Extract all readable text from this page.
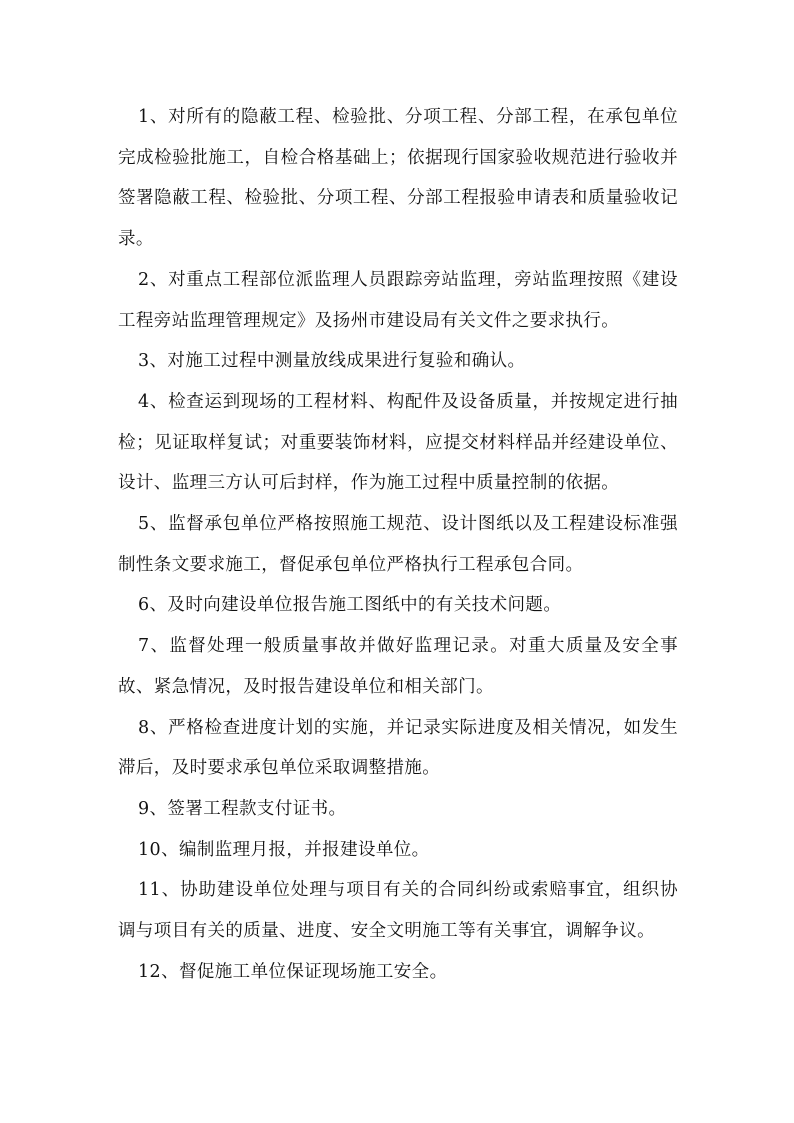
1、对所有的隐蔽工程、检验批、分项工程、分部工程，在承包单位完成检验批施工，自检合格基础上；依据现行国家验收规范进行验收并签署隐蔽工程、检验批、分项工程、分部工程报验申请表和质量验收记录。

2、对重点工程部位派监理人员跟踪旁站监理，旁站监理按照《建设工程旁站监理管理规定》及扬州市建设局有关文件之要求执行。

3、对施工过程中测量放线成果进行复验和确认。

4、检查运到现场的工程材料、构配件及设备质量，并按规定进行抽检；见证取样复试；对重要装饰材料，应提交材料样品并经建设单位、设计、监理三方认可后封样，作为施工过程中质量控制的依据。

5、监督承包单位严格按照施工规范、设计图纸以及工程建设标准强制性条文要求施工，督促承包单位严格执行工程承包合同。

6、及时向建设单位报告施工图纸中的有关技术问题。

7、监督处理一般质量事故并做好监理记录。对重大质量及安全事故、紧急情况，及时报告建设单位和相关部门。

8、严格检查进度计划的实施，并记录实际进度及相关情况，如发生滞后，及时要求承包单位采取调整措施。

9、签署工程款支付证书。

10、编制监理月报，并报建设单位。

11、协助建设单位处理与项目有关的合同纠纷或索赔事宜，组织协调与项目有关的质量、进度、安全文明施工等有关事宜，调解争议。

12、督促施工单位保证现场施工安全。
